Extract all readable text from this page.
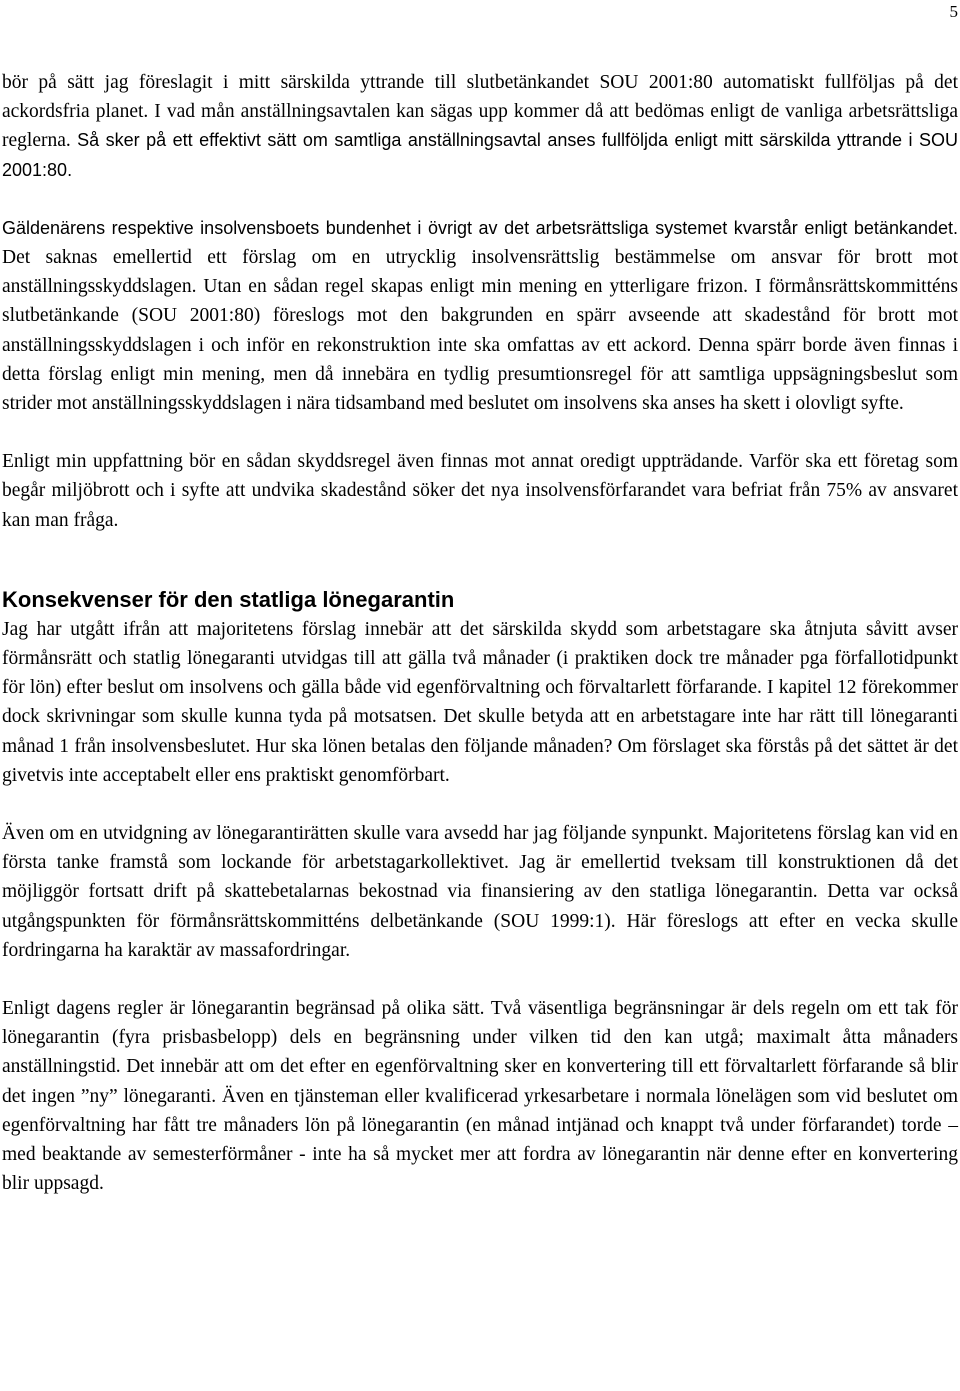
5

bör på sätt jag föreslagit i mitt särskilda yttrande till slutbetänkandet SOU 2001:80 automatiskt fullföljas på det ackordsfria planet. I vad mån anställningsavtalen kan sägas upp kommer då att bedömas enligt de vanliga arbetsrättsliga reglerna. Så sker på ett effektivt sätt om samtliga anställningsavtal anses fullföljda enligt mitt särskilda yttrande i SOU 2001:80.

Gäldenärens respektive insolvensboets bundenhet i övrigt av det arbetsrättsliga systemet kvarstår enligt betänkandet. Det saknas emellertid ett förslag om en utrycklig insolvensrättslig bestämmelse om ansvar för brott mot anställningsskyddslagen. Utan en sådan regel skapas enligt min mening en ytterligare frizon. I förmånsrättskommitténs slutbetänkande (SOU 2001:80) föreslogs mot den bakgrunden en spärr avseende att skadestånd för brott mot anställningsskyddslagen i och inför en rekonstruktion inte ska omfattas av ett ackord. Denna spärr borde även finnas i detta förslag enligt min mening, men då innebära en tydlig presumtionsregel för att samtliga uppsägningsbeslut som strider mot anställningsskyddslagen i nära tidsamband med beslutet om insolvens ska anses ha skett i olovligt syfte.

Enligt min uppfattning bör en sådan skyddsregel även finnas mot annat oredigt uppträdande. Varför ska ett företag som begår miljöbrott och i syfte att undvika skadestånd söker det nya insolvensförfarandet vara befriat från 75% av ansvaret kan man fråga.

Konsekvenser för den statliga lönegarantin

Jag har utgått ifrån att majoritetens förslag innebär att det särskilda skydd som arbetstagare ska åtnjuta såvitt avser förmånsrätt och statlig lönegaranti utvidgas till att gälla två månader (i praktiken dock tre månader pga förfallotidpunkt för lön) efter beslut om insolvens och gälla både vid egenförvaltning och förvaltarlett förfarande. I kapitel 12 förekommer dock skrivningar som skulle kunna tyda på motsatsen. Det skulle betyda att en arbetstagare inte har rätt till lönegaranti månad 1 från insolvensbeslutet. Hur ska lönen betalas den följande månaden? Om förslaget ska förstås på det sättet är det givetvis inte acceptabelt eller ens praktiskt genomförbart.

Även om en utvidgning av lönegarantirätten skulle vara avsedd har jag följande synpunkt. Majoritetens förslag kan vid en första tanke framstå som lockande för arbetstagarkollektivet. Jag är emellertid tveksam till konstruktionen då det möjliggör fortsatt drift på skattebetalarnas bekostnad via finansiering av den statliga lönegarantin. Detta var också utgångspunkten för förmånsrättskommitténs delbetänkande (SOU 1999:1). Här föreslogs att efter en vecka skulle fordringarna ha karaktär av massafordringar.

Enligt dagens regler är lönegarantin begränsad på olika sätt. Två väsentliga begränsningar är dels regeln om ett tak för lönegarantin (fyra prisbasbelopp) dels en begränsning under vilken tid den kan utgå; maximalt åtta månaders anställningstid. Det innebär att om det efter en egenförvaltning sker en konvertering till ett förvaltarlett förfarande så blir det ingen ”ny” lönegaranti. Även en tjänsteman eller kvalificerad yrkesarbetare i normala lönelägen som vid beslutet om egenförvaltning har fått tre månaders lön på lönegarantin (en månad intjänad och knappt två under förfarandet) torde – med beaktande av semesterförmåner - inte ha så mycket mer att fordra av lönegarantin när denne efter en konvertering blir uppsagd.
